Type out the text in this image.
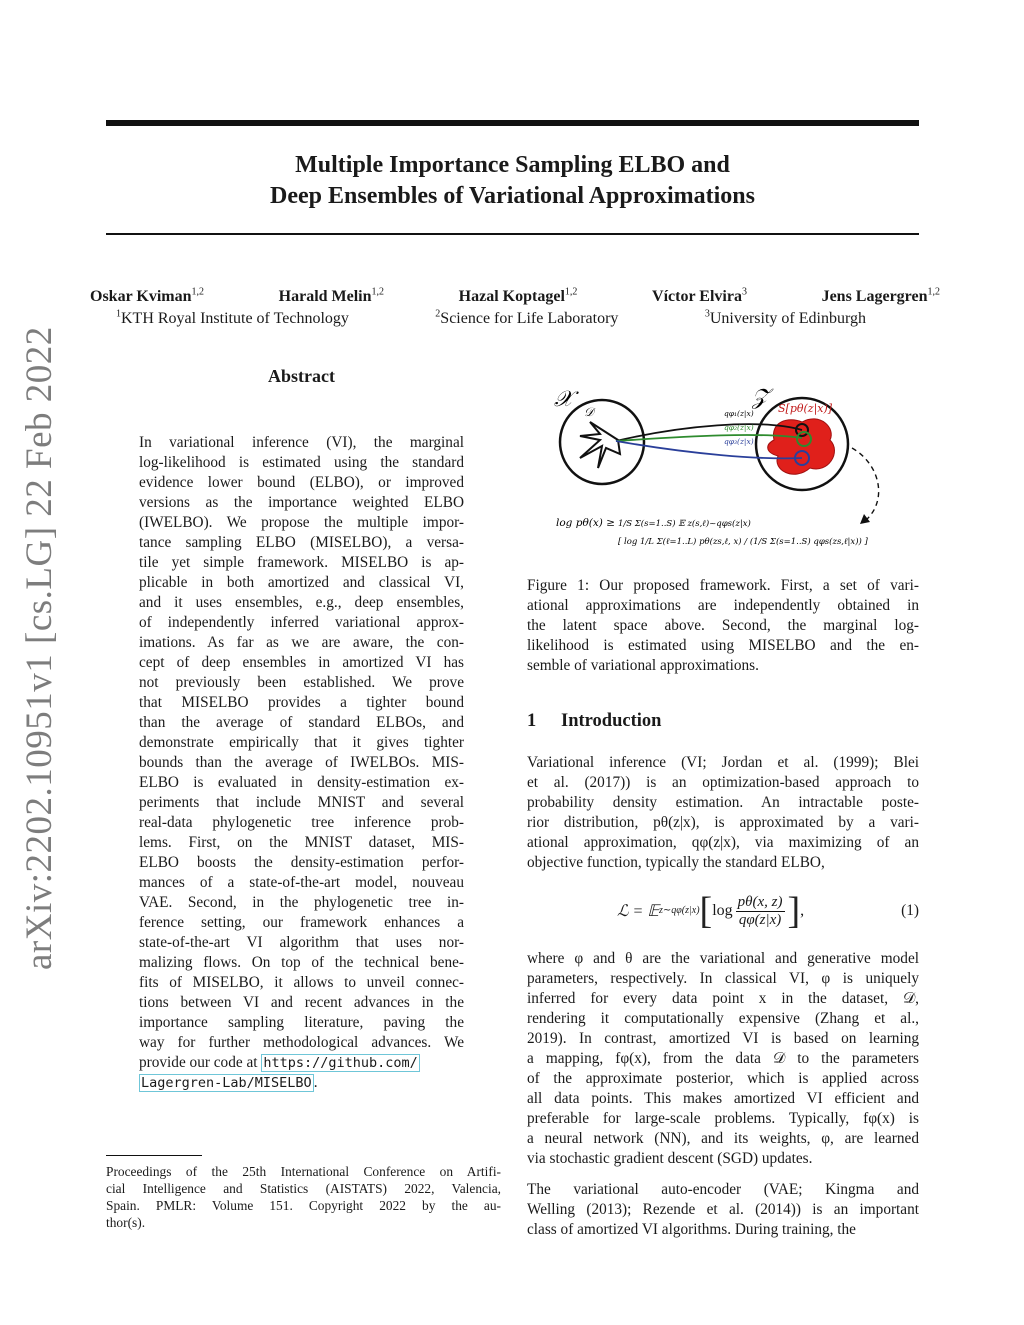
Multiple Importance Sampling ELBO and
Deep Ensembles of Variational Approximations
Oskar Kviman$^{1,2}$	Harald Melin$^{1,2}$	Hazal Koptagel$^{1,2}$	Víctor Elvira$^3$	Jens Lagergren$^{1,2}$
$^1$KTH Royal Institute of Technology	$^2$Science for Life Laboratory	$^3$University of Edinburgh
arXiv:2202.10951v1 [cs.LG] 22 Feb 2022	Abstract
In variational inference (VI), the marginal
log-likelihood is estimated using the standard
evidence lower bound (ELBO), or improved
versions as the importance weighted ELBO
(IWELBO). We propose the multiple impor-
tance sampling ELBO (MISELBO), a versa-
tile yet simple framework. MISELBO is ap-
plicable in both amortized and classical VI,
and it uses ensembles, e.g., deep ensembles,
of independently inferred variational approx-
imations. As far as we are aware, the con-
cept of deep ensembles in amortized VI has
not previously been established. We prove
that MISELBO provides a tighter bound
than the average of standard ELBOs, and
demonstrate empirically that it gives tighter
bounds than the average of IWELBOs. MIS-
ELBO is evaluated in density-estimation ex-
periments that include MNIST and several
real-data phylogenetic tree inference prob-
lems. First, on the MNIST dataset, MIS-
ELBO boosts the density-estimation perfor-
mances of a state-of-the-art model, nouveau
VAE. Second, in the phylogenetic tree in-
ference setting, our framework enhances a
state-of-the-art VI algorithm that uses nor-
malizing flows. On top of the technical bene-
fits of MISELBO, it allows to unveil connec-
tions between VI and recent advances in the
importance sampling literature, paving the
way for further methodological advances. We
provide our code at https://github.com/
Lagergren-Lab/MISELBO .
Proceedings of the 25th International Conference on Artifi-
cial Intelligence and Statistics (AISTATS) 2022, Valencia,
Spain. PMLR: Volume 151. Copyright 2022 by the au-
thor(s).
𝒳	𝒵
𝒟	S[pθ(z|x)]
qφ₁(z|x)
qφ₂(z|x)
qφ₃(z|x)
log pθ(x) ≥ 1/S Σ(s=1..S) 𝔼 z(s,ℓ)~qφs(z|x)
[ log 1/L Σ(ℓ=1..L) pθ(zs,ℓ, x) / (1/S Σ(s=1..S) qφs(zs,ℓ|x)) ]
Figure 1: Our proposed framework. First, a set of vari-
ational approximations are independently obtained in
the latent space above. Second, the marginal log-
likelihood is estimated using MISELBO and the en-
semble of variational approximations.
1 Introduction
Variational inference (VI; Jordan et al. (1999); Blei
et al. (2017)) is an optimization-based approach to
probability density estimation. An intractable poste-
rior distribution, pθ(z|x), is approximated by a vari-
ational approximation, qφ(z|x), via maximizing of an
objective function, typically the standard ELBO,
ℒ = 𝔼 z∼qφ(z|x) [ $\log \frac{p\theta(x, z)}{q\varphi(z|x)}$ ] ,	(1)
where φ and θ are the variational and generative model
parameters, respectively. In classical VI, φ is uniquely
inferred for every data point x in the dataset, 𝒟,
rendering it computationally expensive (Zhang et al.,
2019). In contrast, amortized VI is based on learning
a mapping, fφ(x), from the data 𝒟 to the parameters
of the approximate posterior, which is applied across
all data points. This makes amortized VI efficient and
preferable for large-scale problems. Typically, fφ(x) is
a neural network (NN), and its weights, φ, are learned
via stochastic gradient descent (SGD) updates.
The variational auto-encoder (VAE; Kingma and
Welling (2013); Rezende et al. (2014)) is an important
class of amortized VI algorithms. During training, the
